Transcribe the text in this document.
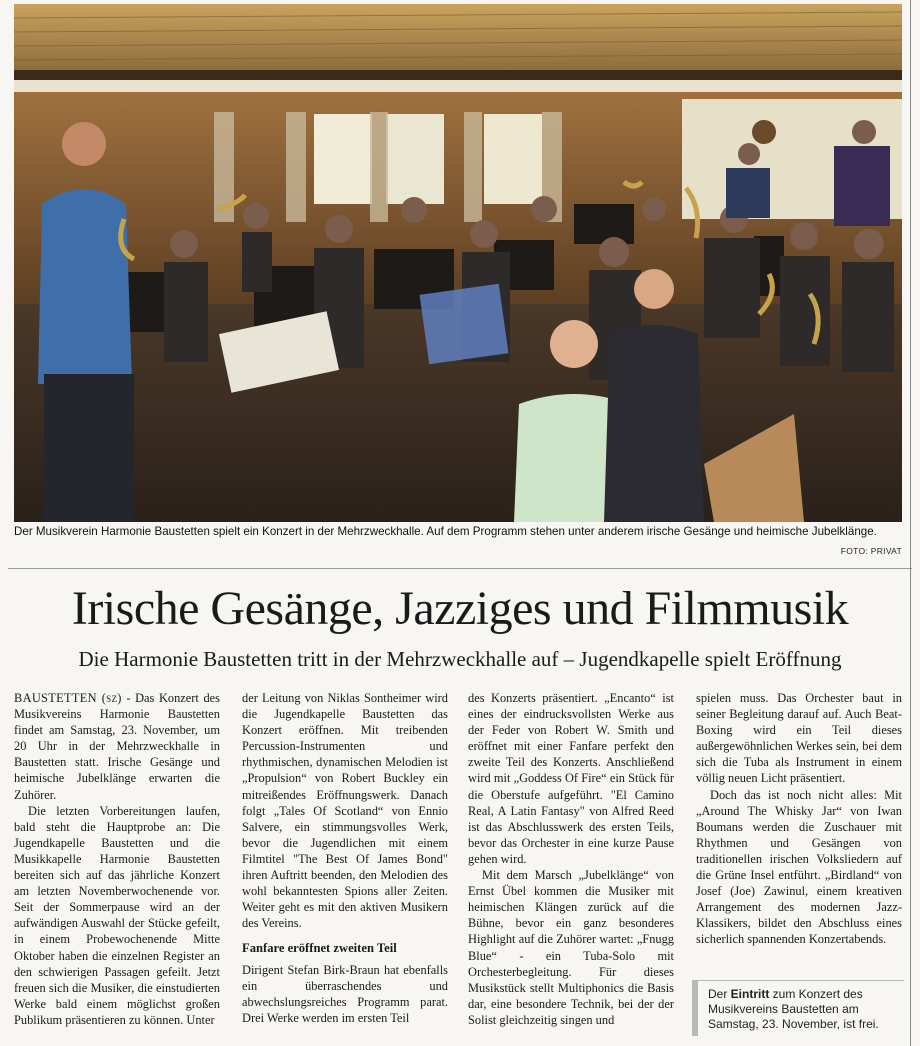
Der Musikverein Harmonie Baustetten spielt ein Konzert in der Mehrzweckhalle. Auf dem Programm stehen unter anderem irische Gesänge und heimische Jubelklänge.
FOTO: PRIVAT
Irische Gesänge, Jazziges und Filmmusik
Die Harmonie Baustetten tritt in der Mehrzweckhalle auf – Jugendkapelle spielt Eröffnung

BAUSTETTEN (sz) - Das Konzert des Musikvereins Harmonie Baustetten findet am Samstag, 23. November, um 20 Uhr in der Mehrzweckhalle in Baustetten statt. Irische Gesänge und heimische Jubelklänge erwarten die Zuhörer.

Die letzten Vorbereitungen laufen, bald steht die Hauptprobe an: Die Jugendkapelle Baustetten und die Musikkapelle Harmonie Baustetten bereiten sich auf das jährliche Konzert am letzten Novemberwochenende vor. Seit der Sommerpause wird an der aufwändigen Auswahl der Stücke gefeilt, in einem Probewochenende Mitte Oktober haben die einzelnen Register an den schwierigen Passagen gefeilt. Jetzt freuen sich die Musiker, die einstudierten Werke bald einem möglichst großen Publikum präsentieren zu können. Unter

der Leitung von Niklas Sontheimer wird die Jugendkapelle Baustetten das Konzert eröffnen. Mit treibenden Percussion-Instrumenten und rhythmischen, dynamischen Melodien ist „Propulsion“ von Robert Buckley ein mitreißendes Eröffnungswerk. Danach folgt „Tales Of Scotland“ von Ennio Salvere, ein stimmungsvolles Werk, bevor die Jugendlichen mit einem Filmtitel "The Best Of James Bond" ihren Auftritt beenden, den Melodien des wohl bekanntesten Spions aller Zeiten. Weiter geht es mit den aktiven Musikern des Vereins.

Fanfare eröffnet zweiten Teil

Dirigent Stefan Birk-Braun hat ebenfalls ein überraschendes und abwechslungsreiches Programm parat. Drei Werke werden im ersten Teil

des Konzerts präsentiert. „Encanto“ ist eines der eindrucksvollsten Werke aus der Feder von Robert W. Smith und eröffnet mit einer Fanfare perfekt den zweite Teil des Konzerts. Anschließend wird mit „Goddess Of Fire“ ein Stück für die Oberstufe aufgeführt. "El Camino Real, A Latin Fantasy" von Alfred Reed ist das Abschlusswerk des ersten Teils, bevor das Orchester in eine kurze Pause gehen wird.

Mit dem Marsch „Jubelklänge“ von Ernst Übel kommen die Musiker mit heimischen Klängen zurück auf die Bühne, bevor ein ganz besonderes Highlight auf die Zuhörer wartet: „Fnugg Blue“ - ein Tuba-Solo mit Orchesterbegleitung. Für dieses Musikstück stellt Multiphonics die Basis dar, eine besondere Technik, bei der der Solist gleichzeitig singen und

spielen muss. Das Orchester baut in seiner Begleitung darauf auf. Auch Beat-Boxing wird ein Teil dieses außergewöhnlichen Werkes sein, bei dem sich die Tuba als Instrument in einem völlig neuen Licht präsentiert.

Doch das ist noch nicht alles: Mit „Around The Whisky Jar“ von Iwan Boumans werden die Zuschauer mit Rhythmen und Gesängen von traditionellen irischen Volksliedern auf die Grüne Insel entführt. „Birdland“ von Josef (Joe) Zawinul, einem kreativen Arrangement des modernen Jazz-Klassikers, bildet den Abschluss eines sicherlich spannenden Konzertabends.

Der Eintritt zum Konzert des Musikvereins Baustetten am Samstag, 23. November, ist frei.
